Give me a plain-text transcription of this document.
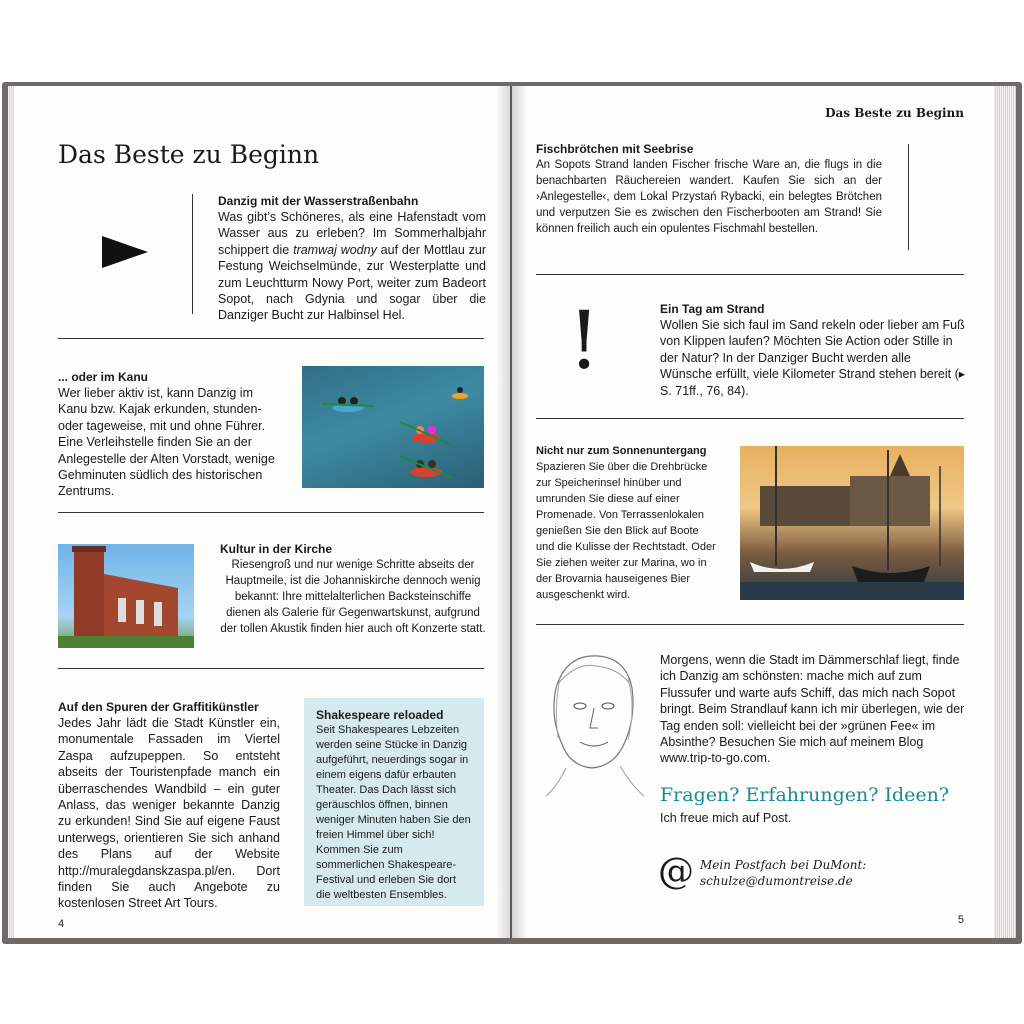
Das Beste zu Beginn

Danzig mit der Wasserstraßenbahn

Was gibt’s Schöneres, als eine Hafenstadt vom Wasser aus zu erleben? Im Sommerhalbjahr schippert die tramwaj wodny auf der Mottlau zur Festung Weichselmünde, zur Westerplatte und zum Leuchtturm Nowy Port, weiter zum Badeort Sopot, nach Gdynia und sogar über die Danziger Bucht zur Halbinsel Hel.

... oder im Kanu

Wer lieber aktiv ist, kann Danzig im Kanu bzw. Kajak erkunden, stunden- oder tageweise, mit und ohne Führer. Eine Verleihstelle finden Sie an der Anlegestelle der Alten Vorstadt, wenige Gehminuten südlich des historischen Zentrums.

Kultur in der Kirche

Riesengroß und nur wenige Schritte abseits der Hauptmeile, ist die Johanniskirche dennoch wenig bekannt: Ihre mittelalterlichen Backsteinschiffe dienen als Galerie für Gegenwartskunst, aufgrund der tollen Akustik finden hier auch oft Konzerte statt.

Auf den Spuren der Graffitikünstler

Jedes Jahr lädt die Stadt Künstler ein, monumentale Fassaden im Viertel Zaspa aufzupeppen. So entsteht abseits der Touristenpfade manch ein überraschendes Wandbild – ein guter Anlass, das weniger bekannte Danzig zu erkunden! Sind Sie auf eigene Faust unterwegs, orientieren Sie sich anhand des Plans auf der Website http://muralegdanskzaspa.pl/en. Dort finden Sie auch Angebote zu kostenlosen Street Art Tours.

Shakespeare reloaded

Seit Shakespeares Lebzeiten werden seine Stücke in Danzig aufgeführt, neuerdings sogar in einem eigens dafür erbauten Theater. Das Dach lässt sich geräuschlos öffnen, binnen weniger Minuten haben Sie den freien Himmel über sich! Kommen Sie zum sommerlichen Shakespeare-Festival und erleben Sie dort die weltbesten Ensembles.

4
Das Beste zu Beginn

Fischbrötchen mit Seebrise

An Sopots Strand landen Fischer frische Ware an, die flugs in die benachbarten Räuchereien wandert. Kaufen Sie sich an der ›Anlegestelle‹, dem Lokal Przystań Rybacki, ein belegtes Brötchen und verputzen Sie es zwischen den Fischerbooten am Strand! Sie können freilich auch ein opulentes Fischmahl bestellen.

!	Ein Tag am Strand

Wollen Sie sich faul im Sand rekeln oder lieber am Fuß von Klippen laufen? Möchten Sie Action oder Stille in der Natur? In der Danziger Bucht werden alle Wünsche erfüllt, viele Kilometer Strand stehen bereit (▸ S. 71ff., 76, 84).

Nicht nur zum Sonnenuntergang

Spazieren Sie über die Drehbrücke zur Speicherinsel hinüber und umrunden Sie diese auf einer Promenade. Von Terrassenlokalen genießen Sie den Blick auf Boote und die Kulisse der Rechtstadt. Oder Sie ziehen weiter zur Marina, wo in der Brovarnia hauseigenes Bier ausgeschenkt wird.

Morgens, wenn die Stadt im Dämmerschlaf liegt, finde ich Danzig am schönsten: mache mich auf zum Flussufer und warte aufs Schiff, das mich nach Sopot bringt. Beim Strandlauf kann ich mir überlegen, wie der Tag enden soll: vielleicht bei der »grünen Fee« im Absinthe? Besuchen Sie mich auf meinem Blog www.trip-to-go.com.

Fragen? Erfahrungen? Ideen?
Ich freue mich auf Post.
@ Mein Postfach bei DuMont:
schulze@dumontreise.de
5
